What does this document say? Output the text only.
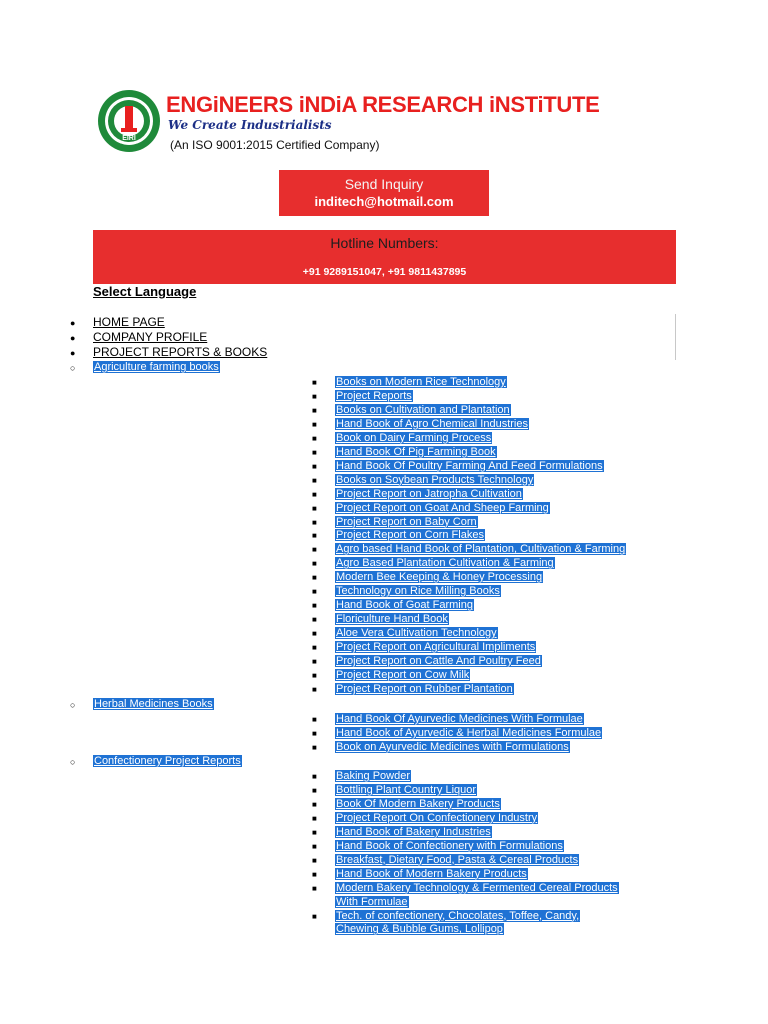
EIRI
ENGiNEERS iNDiA RESEARCH iNSTiTUTE
We Create Industrialists
(An ISO 9001:2015 Certified Company)
Send Inquiry
inditech@hotmail.com
Hotline Numbers:
+91 9289151047, +91 9811437895
Select Language
● HOME PAGE
● COMPANY PROFILE
● PROJECT REPORTS & BOOKS
○ Agriculture farming books
■ Books on Modern Rice Technology
■ Project Reports
■ Books on Cultivation and Plantation
■ Hand Book of Agro Chemical Industries
■ Book on Dairy Farming Process
■ Hand Book Of Pig Farming Book
■ Hand Book Of Poultry Farming And Feed Formulations
■ Books on Soybean Products Technology
■ Project Report on Jatropha Cultivation
■ Project Report on Goat And Sheep Farming
■ Project Report on Baby Corn
■ Project Report on Corn Flakes
■ Agro based Hand Book of Plantation, Cultivation & Farming
■ Agro Based Plantation Cultivation & Farming
■ Modern Bee Keeping & Honey Processing
■ Technology on Rice Milling Books
■ Hand Book of Goat Farming
■ Floriculture Hand Book
■ Aloe Vera Cultivation Technology
■ Project Report on Agricultural Impliments
■ Project Report on Cattle And Poultry Feed
■ Project Report on Cow Milk
■ Project Report on Rubber Plantation
○ Herbal Medicines Books
■ Hand Book Of Ayurvedic Medicines With Formulae
■ Hand Book of Ayurvedic & Herbal Medicines Formulae
■ Book on Ayurvedic Medicines with Formulations
○ Confectionery Project Reports
■ Baking Powder
■ Bottling Plant Country Liquor
■ Book Of Modern Bakery Products
■ Project Report On Confectionery Industry
■ Hand Book of Bakery Industries
■ Hand Book of Confectionery with Formulations
■ Breakfast, Dietary Food, Pasta & Cereal Products
■ Hand Book of Modern Bakery Products
■ Modern Bakery Technology & Fermented Cereal Products
With Formulae
■ Tech. of confectionery, Chocolates, Toffee, Candy,
Chewing & Bubble Gums, Lollipop
